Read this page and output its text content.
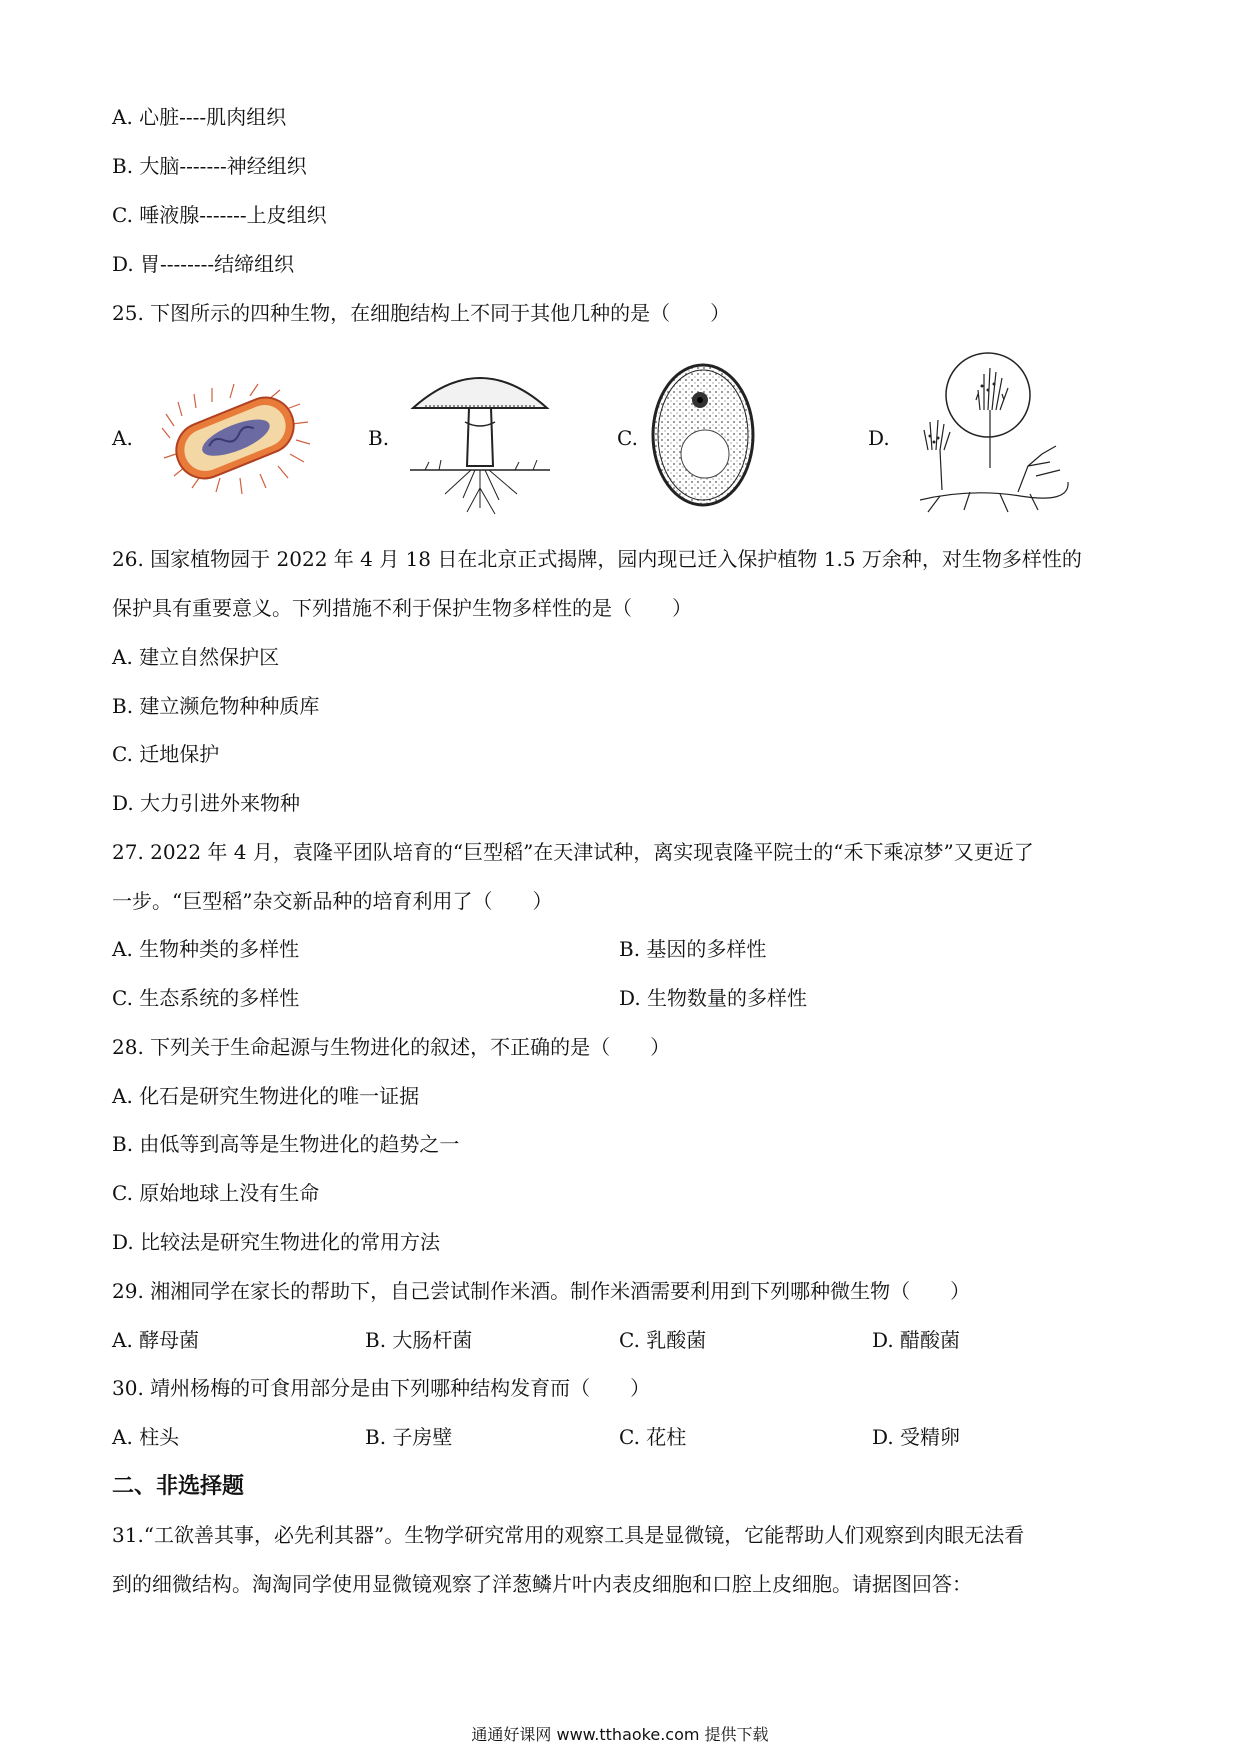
A. 心脏----肌肉组织
B. 大脑-------神经组织
C. 唾液腺-------上皮组织
D. 胃--------结缔组织
25. 下图所示的四种生物，在细胞结构上不同于其他几种的是（　　）
A.	B.	C.	D.
26. 国家植物园于 2022 年 4 月 18 日在北京正式揭牌，园内现已迁入保护植物 1.5 万余种，对生物多样性的
保护具有重要意义。下列措施不利于保护生物多样性的是（　　）
A. 建立自然保护区
B. 建立濒危物种种质库
C. 迁地保护
D. 大力引进外来物种
27. 2022 年 4 月，袁隆平团队培育的“巨型稻”在天津试种，离实现袁隆平院士的“禾下乘凉梦”又更近了
一步。“巨型稻”杂交新品种的培育利用了（　　）
A. 生物种类的多样性	B. 基因的多样性
C. 生态系统的多样性	D. 生物数量的多样性
28. 下列关于生命起源与生物进化的叙述，不正确的是（　　）
A. 化石是研究生物进化的唯一证据
B. 由低等到高等是生物进化的趋势之一
C. 原始地球上没有生命
D. 比较法是研究生物进化的常用方法
29. 湘湘同学在家长的帮助下，自己尝试制作米酒。制作米酒需要利用到下列哪种微生物（　　）
A. 酵母菌	B. 大肠杆菌	C. 乳酸菌	D. 醋酸菌
30. 靖州杨梅的可食用部分是由下列哪种结构发育而（　　）
A. 柱头	B. 子房壁	C. 花柱	D. 受精卵
二、非选择题
31.“工欲善其事，必先利其器”。生物学研究常用的观察工具是显微镜，它能帮助人们观察到肉眼无法看
到的细微结构。淘淘同学使用显微镜观察了洋葱鳞片叶内表皮细胞和口腔上皮细胞。请据图回答：
通通好课网 www.tthaoke.com 提供下载
